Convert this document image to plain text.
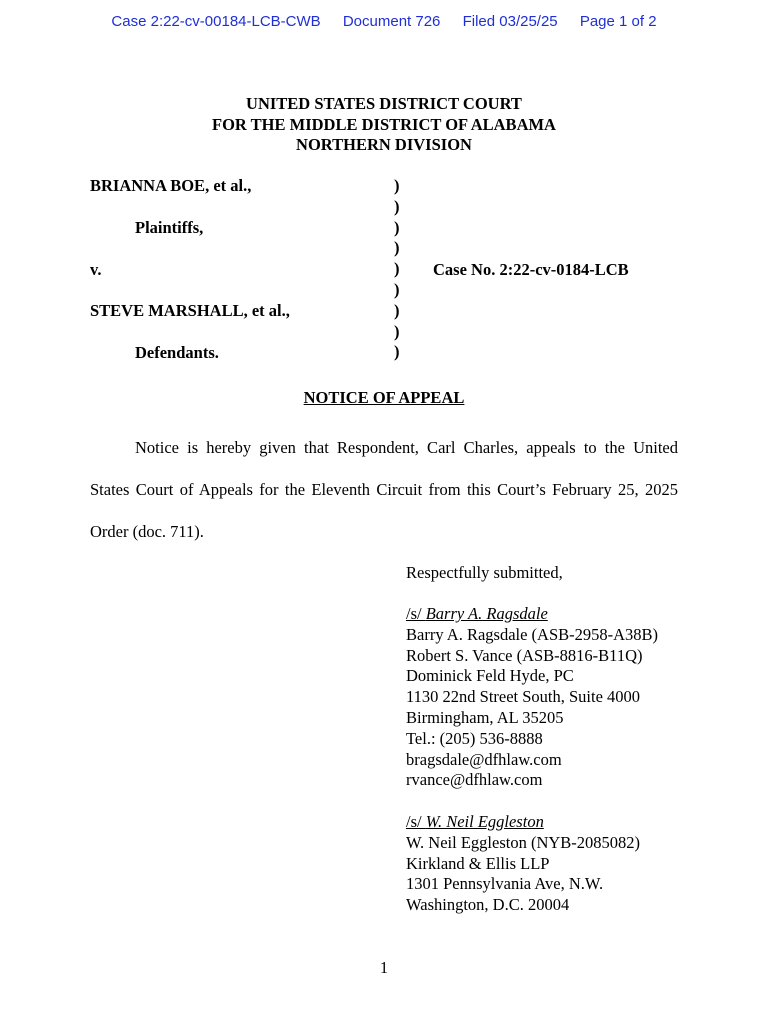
Case 2:22-cv-00184-LCB-CWB Document 726 Filed 03/25/25 Page 1 of 2
UNITED STATES DISTRICT COURT
FOR THE MIDDLE DISTRICT OF ALABAMA
NORTHERN DIVISION
BRIANNA BOE, et al.,
Plaintiffs,
v.
STEVE MARSHALL, et al.,
Defendants.
Case No. 2:22-cv-0184-LCB
)
)
)
)
)
)
)
)
)
NOTICE OF APPEAL
Notice is hereby given that Respondent, Carl Charles, appeals to the United
States Court of Appeals for the Eleventh Circuit from this Court’s February 25, 2025
Order (doc. 711).
Respectfully submitted,
/s/ Barry A. Ragsdale
Barry A. Ragsdale (ASB-2958-A38B)
Robert S. Vance (ASB-8816-B11Q)
Dominick Feld Hyde, PC
1130 22nd Street South, Suite 4000
Birmingham, AL 35205
Tel.: (205) 536-8888
bragsdale@dfhlaw.com
rvance@dfhlaw.com
/s/ W. Neil Eggleston
W. Neil Eggleston (NYB-2085082)
Kirkland & Ellis LLP
1301 Pennsylvania Ave, N.W.
Washington, D.C. 20004
1
